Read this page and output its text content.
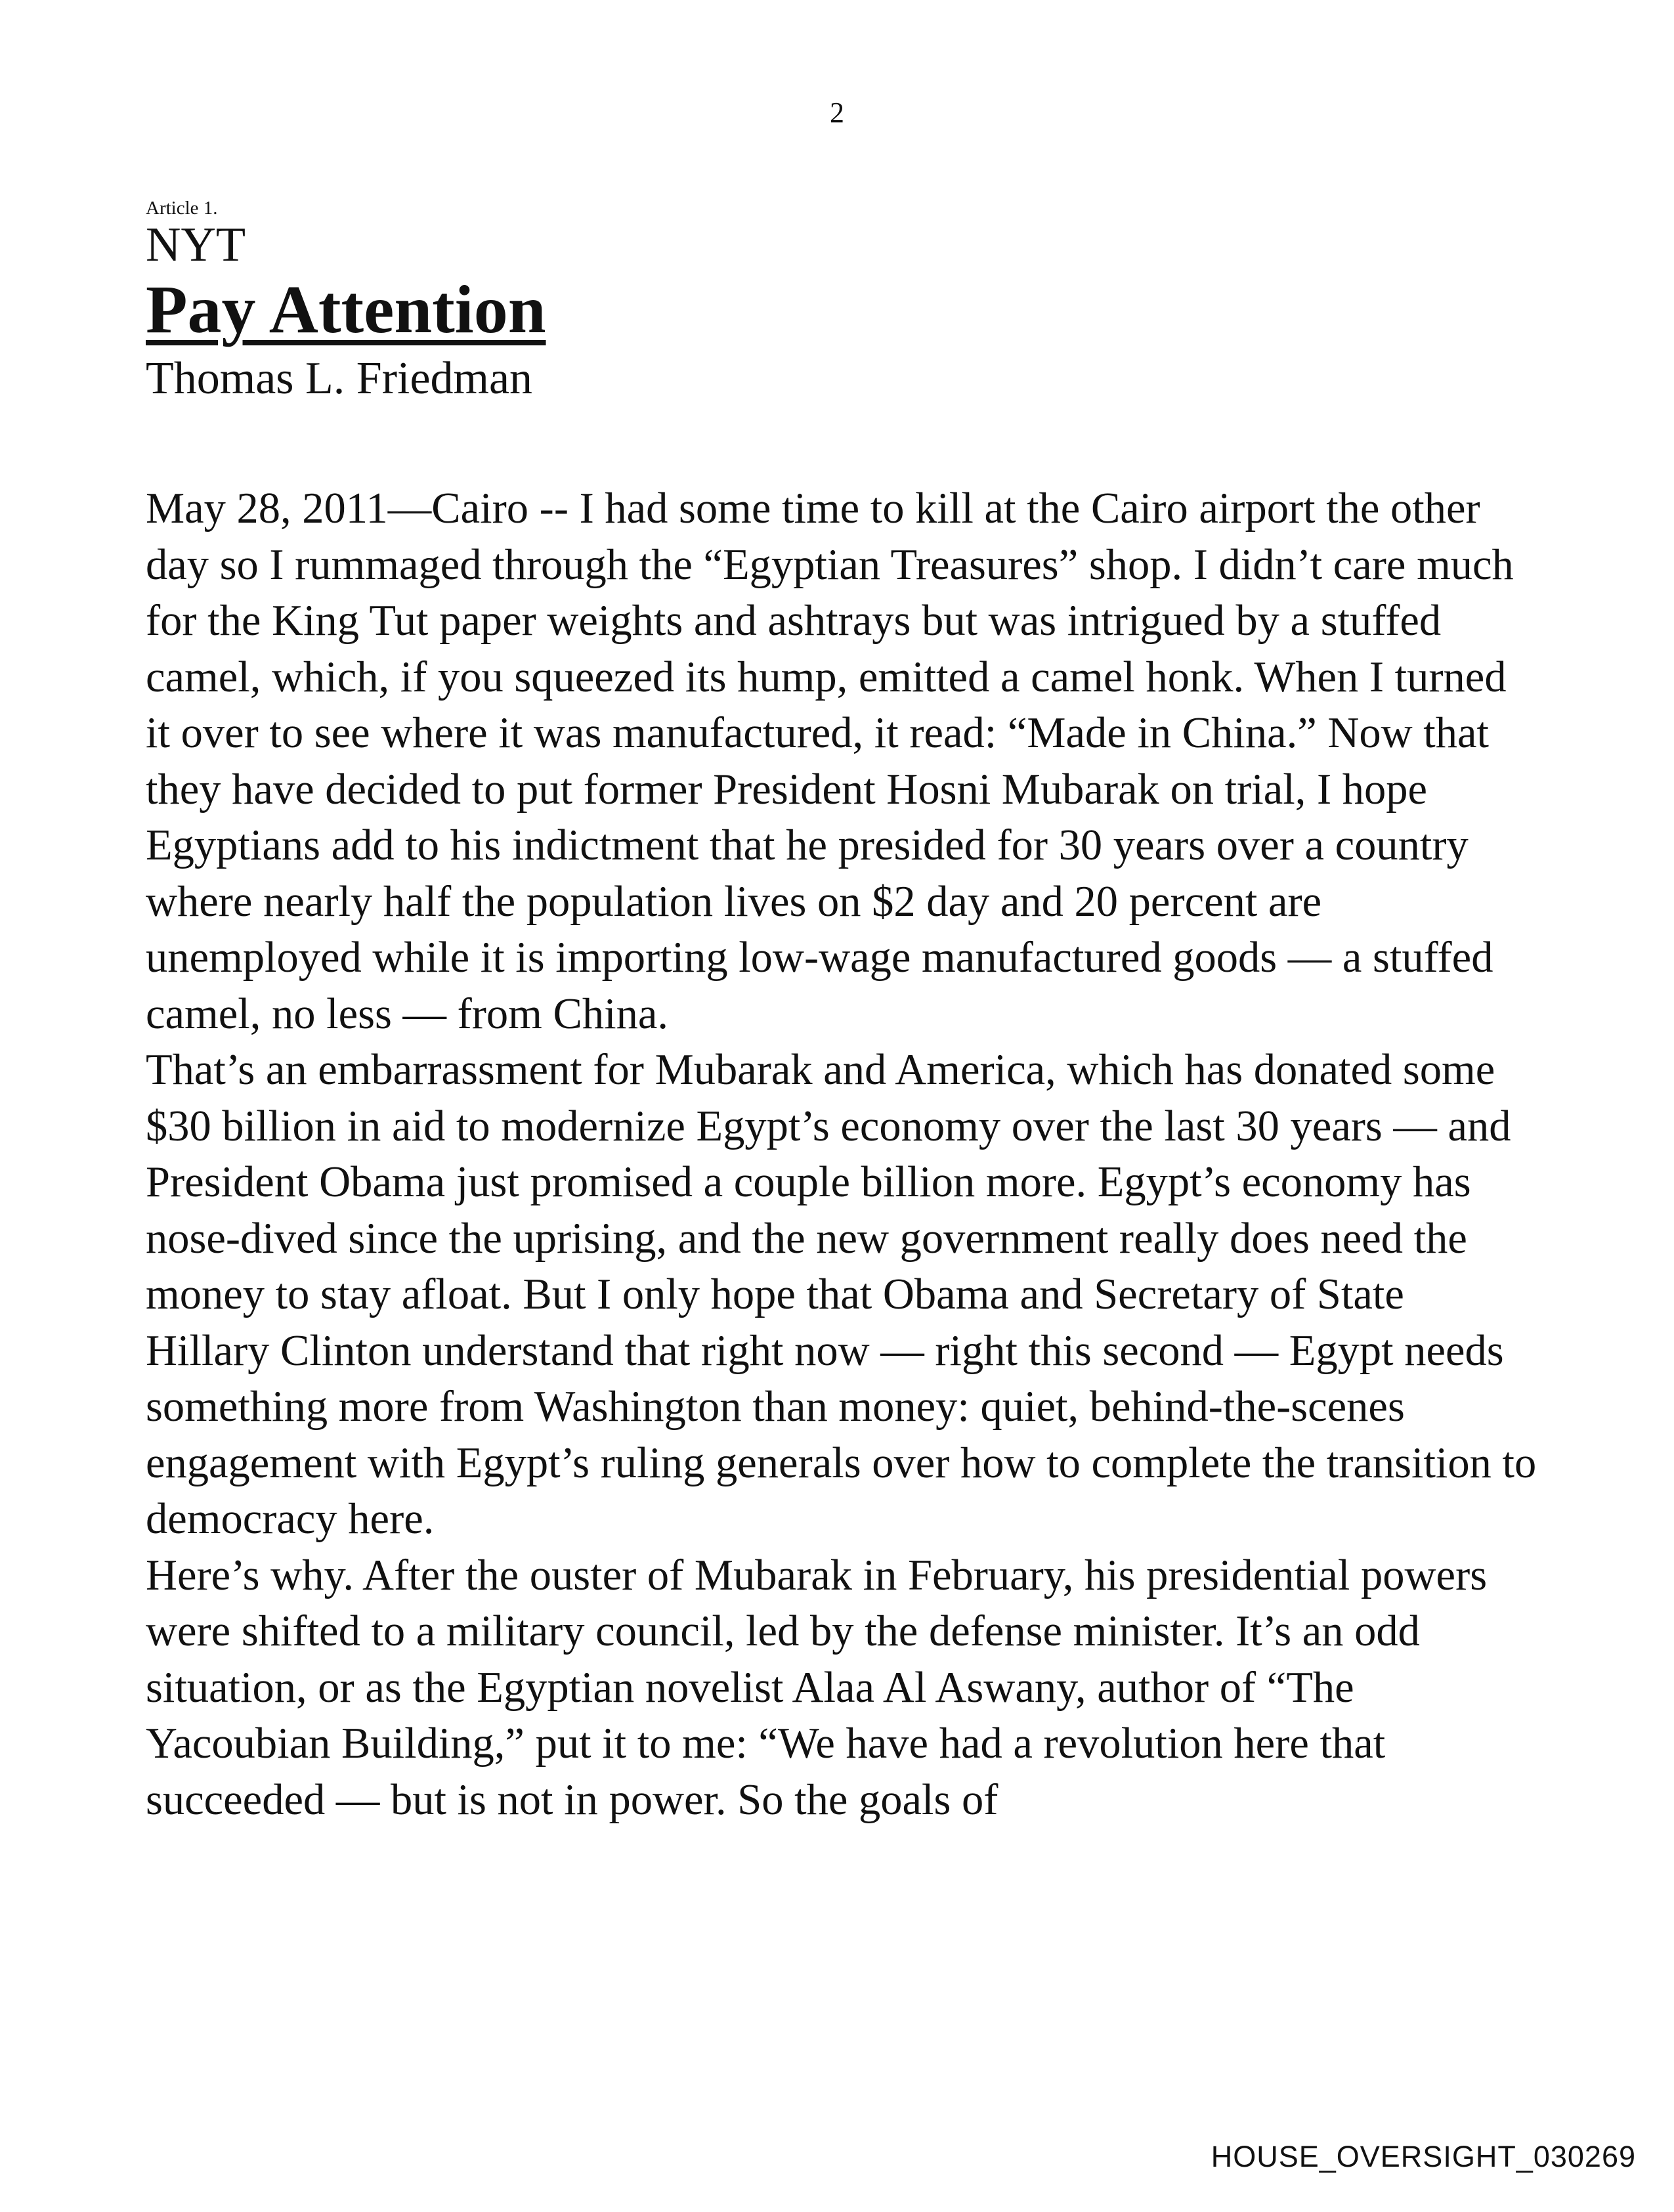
2

Article 1.

NYT

Pay Attention

Thomas L. Friedman

May 28, 2011—Cairo -- I had some time to kill at the Cairo airport the other day so I rummaged through the “Egyptian Treasures” shop. I didn’t care much for the King Tut paper weights and ashtrays but was intrigued by a stuffed camel, which, if you squeezed its hump, emitted a camel honk. When I turned it over to see where it was manufactured, it read: “Made in China.” Now that they have decided to put former President Hosni Mubarak on trial, I hope Egyptians add to his indictment that he presided for 30 years over a country where nearly half the population lives on $2 day and 20 percent are unemployed while it is importing low-wage manufactured goods — a stuffed camel, no less — from China.

That’s an embarrassment for Mubarak and America, which has donated some $30 billion in aid to modernize Egypt’s economy over the last 30 years — and President Obama just promised a couple billion more. Egypt’s economy has nose-dived since the uprising, and the new government really does need the money to stay afloat. But I only hope that Obama and Secretary of State Hillary Clinton understand that right now — right this second — Egypt needs something more from Washington than money: quiet, behind-the-scenes engagement with Egypt’s ruling generals over how to complete the transition to democracy here.

Here’s why. After the ouster of Mubarak in February, his presidential powers were shifted to a military council, led by the defense minister. It’s an odd situation, or as the Egyptian novelist Alaa Al Aswany, author of “The Yacoubian Building,” put it to me: “We have had a revolution here that succeeded — but is not in power. So the goals of

HOUSE_OVERSIGHT_030269
